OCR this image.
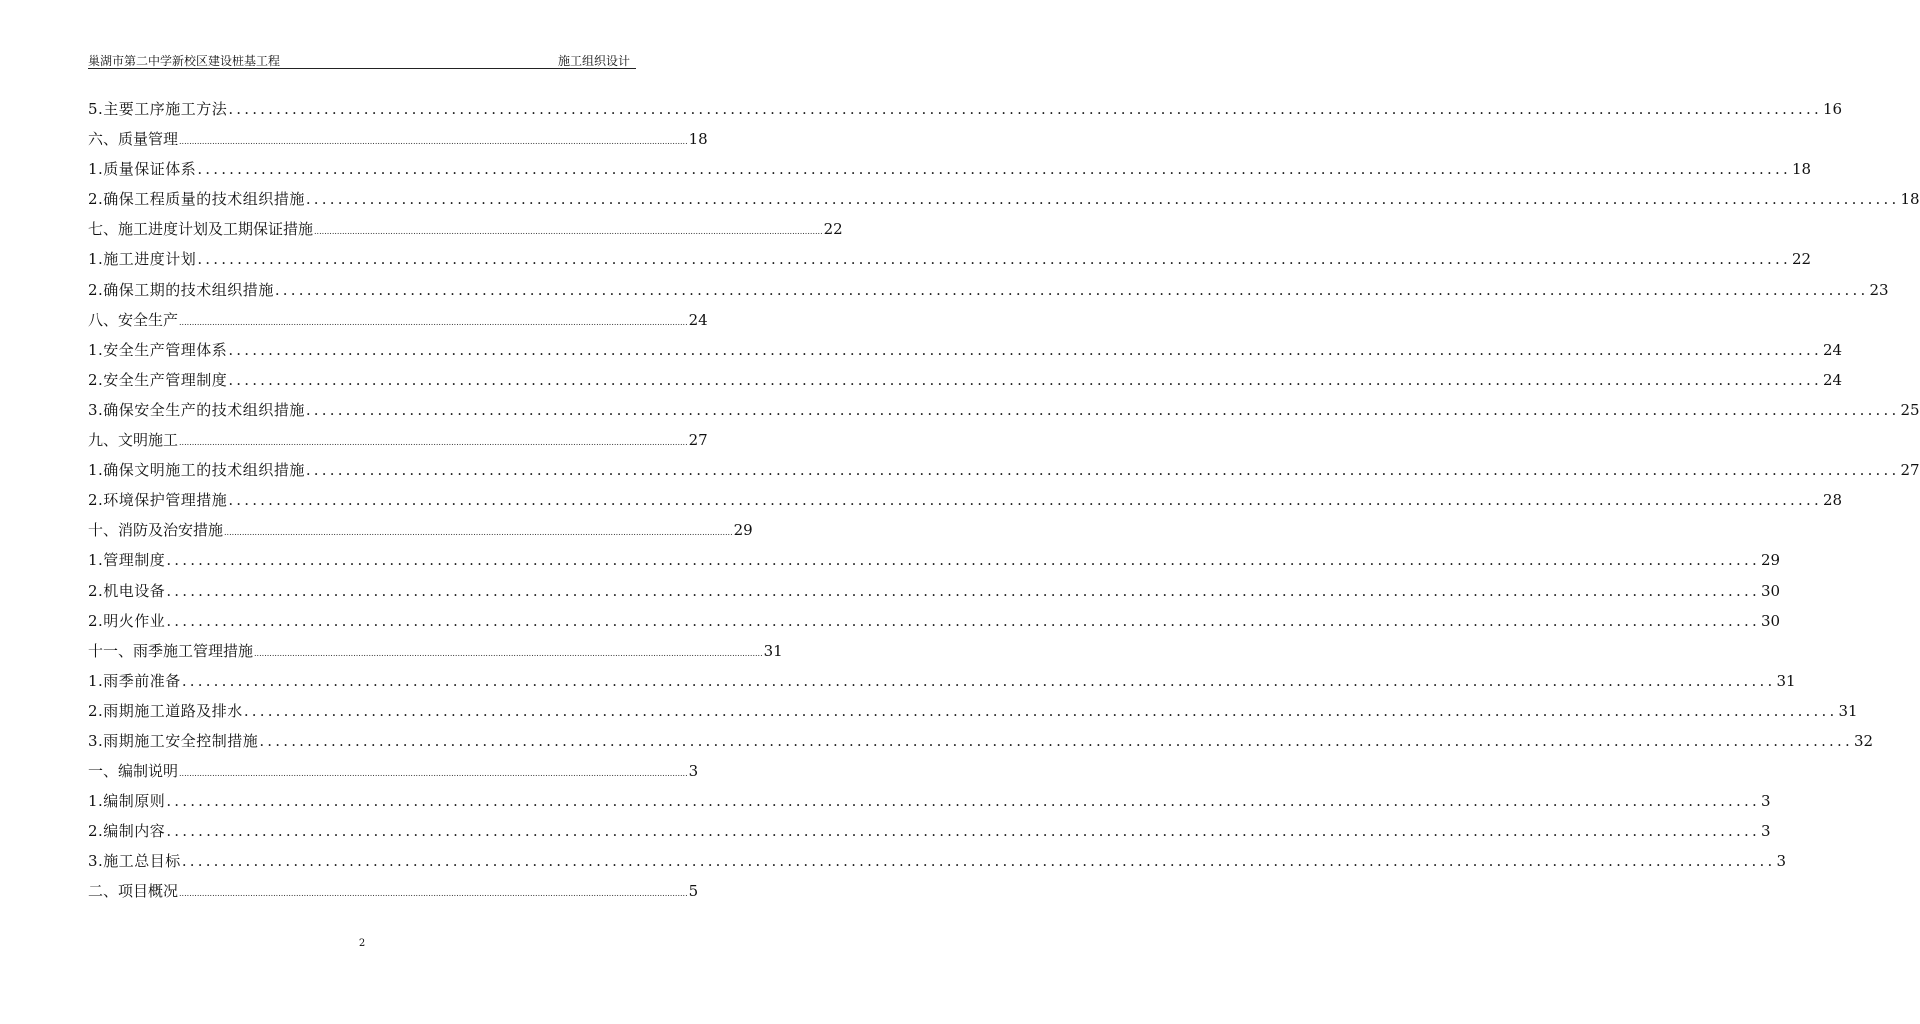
巢湖市第二中学新校区建设桩基工程	施工组织设计
5.主要工序施工方法 ........................................................................................................................................................................................................ 16
六、质量管理 ........................................................................................................................................................................................................ 18
1.质量保证体系 ........................................................................................................................................................................................................ 18
2.确保工程质量的技术组织措施 ........................................................................................................................................................................................................ 18
七、施工进度计划及工期保证措施 ........................................................................................................................................................................................................ 22
1.施工进度计划 ........................................................................................................................................................................................................ 22
2.确保工期的技术组织措施 ........................................................................................................................................................................................................ 23
八、安全生产 ........................................................................................................................................................................................................ 24
1.安全生产管理体系 ........................................................................................................................................................................................................ 24
2.安全生产管理制度 ........................................................................................................................................................................................................ 24
3.确保安全生产的技术组织措施 ........................................................................................................................................................................................................ 25
九、文明施工 ........................................................................................................................................................................................................ 27
1.确保文明施工的技术组织措施 ........................................................................................................................................................................................................ 27
2.环境保护管理措施 ........................................................................................................................................................................................................ 28
十、消防及治安措施 ........................................................................................................................................................................................................ 29
1.管理制度 ........................................................................................................................................................................................................ 29
2.机电设备 ........................................................................................................................................................................................................ 30
2.明火作业 ........................................................................................................................................................................................................ 30
十一、雨季施工管理措施 ........................................................................................................................................................................................................ 31
1.雨季前准备 ........................................................................................................................................................................................................ 31
2.雨期施工道路及排水 ........................................................................................................................................................................................................ 31
3.雨期施工安全控制措施 ........................................................................................................................................................................................................ 32
一、编制说明 ........................................................................................................................................................................................................ 3
1.编制原则 ........................................................................................................................................................................................................ 3
2.编制内容 ........................................................................................................................................................................................................ 3
3.施工总目标 ........................................................................................................................................................................................................ 3
二、项目概况 ........................................................................................................................................................................................................ 5
2
